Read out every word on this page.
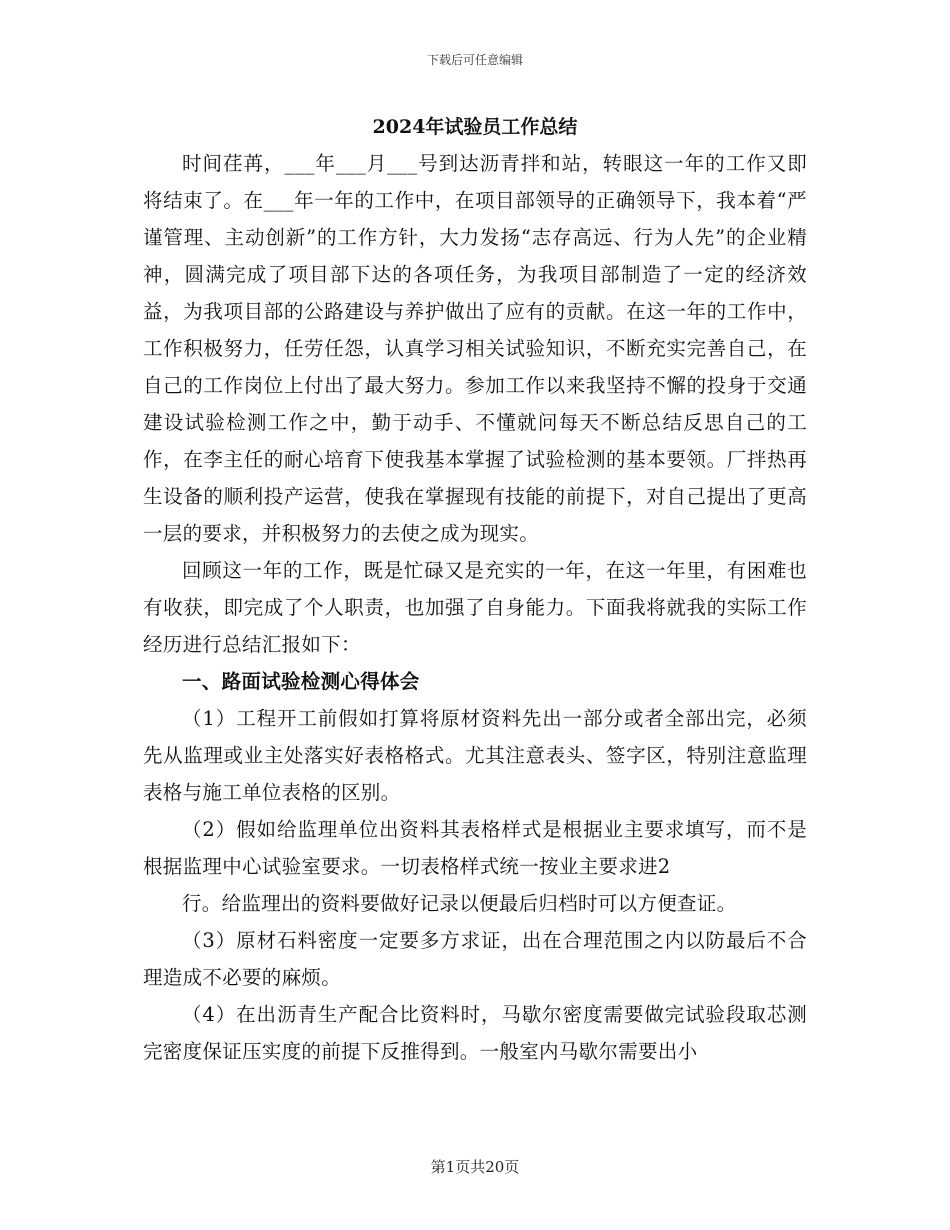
下载后可任意编辑
2024年试验员工作总结

时间荏苒，___年___月___号到达沥青拌和站，转眼这一年的工作又即将结束了。在___年一年的工作中，在项目部领导的正确领导下，我本着“严谨管理、主动创新”的工作方针，大力发扬“志存高远、行为人先”的企业精神，圆满完成了项目部下达的各项任务，为我项目部制造了一定的经济效益，为我项目部的公路建设与养护做出了应有的贡献。在这一年的工作中，工作积极努力，任劳任怨，认真学习相关试验知识，不断充实完善自己，在自己的工作岗位上付出了最大努力。参加工作以来我坚持不懈的投身于交通建设试验检测工作之中，勤于动手、不懂就问每天不断总结反思自己的工作，在李主任的耐心培育下使我基本掌握了试验检测的基本要领。厂拌热再生设备的顺利投产运营，使我在掌握现有技能的前提下，对自己提出了更高一层的要求，并积极努力的去使之成为现实。

回顾这一年的工作，既是忙碌又是充实的一年，在这一年里，有困难也有收获，即完成了个人职责，也加强了自身能力。下面我将就我的实际工作经历进行总结汇报如下：

一、路面试验检测心得体会

（1）工程开工前假如打算将原材资料先出一部分或者全部出完，必须先从监理或业主处落实好表格格式。尤其注意表头、签字区，特别注意监理表格与施工单位表格的区别。

（2）假如给监理单位出资料其表格样式是根据业主要求填写，而不是根据监理中心试验室要求。一切表格样式统一按业主要求进2

行。给监理出的资料要做好记录以便最后归档时可以方便查证。

（3）原材石料密度一定要多方求证，出在合理范围之内以防最后不合理造成不必要的麻烦。

（4）在出沥青生产配合比资料时，马歇尔密度需要做完试验段取芯测完密度保证压实度的前提下反推得到。一般室内马歇尔需要出小

第1页共20页
